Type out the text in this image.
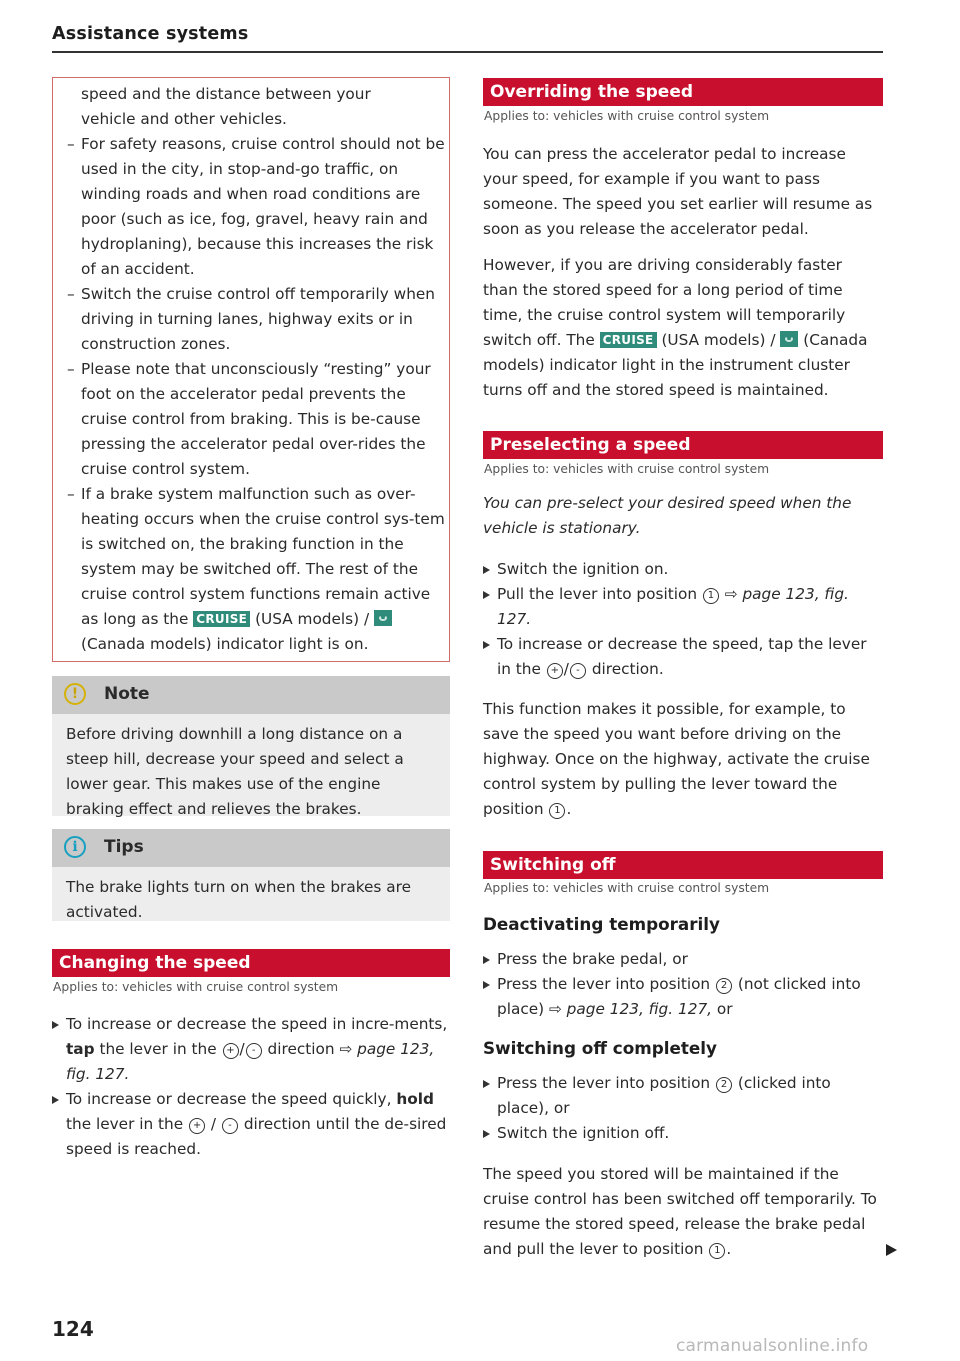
Assistance systems
speed and the distance between your
vehicle and other vehicles.
– For safety reasons, cruise control should not be used in the city, in stop-and-go traffic, on winding roads and when road conditions are poor (such as ice, fog, gravel, heavy rain and hydroplaning), because this increases the risk of an accident.
– Switch the cruise control off temporarily when driving in turning lanes, highway exits or in construction zones.
– Please note that unconsciously “resting” your foot on the accelerator pedal prevents the cruise control from braking. This is be-cause pressing the accelerator pedal over-rides the cruise control system.
– If a brake system malfunction such as over-heating occurs when the cruise control sys-tem is switched on, the braking function in the system may be switched off. The rest of the cruise control system functions remain active as long as the CRUISE (USA models) /  (Canada models) indicator light is on.
!	Note
Before driving downhill a long distance on a steep hill, decrease your speed and select a lower gear. This makes use of the engine braking effect and relieves the brakes.
i	Tips
The brake lights turn on when the brakes are activated.
Changing the speed
Applies to: vehicles with cruise control system
To increase or decrease the speed in incre-ments, tap the lever in the + / - direction ⇨ page 123, fig. 127.
To increase or decrease the speed quickly, hold the lever in the + / - direction until the de-sired speed is reached.
Overriding the speed
Applies to: vehicles with cruise control system
You can press the accelerator pedal to increase your speed, for example if you want to pass someone. The speed you set earlier will resume as soon as you release the accelerator pedal.
However, if you are driving considerably faster than the stored speed for a long period of time time, the cruise control system will temporarily switch off. The CRUISE (USA models) / (Canada models) indicator light in the instrument cluster turns off and the stored speed is maintained.
Preselecting a speed
Applies to: vehicles with cruise control system
You can pre-select your desired speed when the vehicle is stationary.
Switch the ignition on.
Pull the lever into position 1 ⇨ page 123, fig. 127.
To increase or decrease the speed, tap the lever in the + / - direction.
This function makes it possible, for example, to save the speed you want before driving on the highway. Once on the highway, activate the cruise control system by pulling the lever toward the position 1 .
Switching off
Applies to: vehicles with cruise control system
Deactivating temporarily
Press the brake pedal, or
Press the lever into position 2 (not clicked into place) ⇨ page 123, fig. 127, or
Switching off completely
Press the lever into position 2 (clicked into place), or
Switch the ignition off.
The speed you stored will be maintained if the cruise control has been switched off temporarily. To resume the stored speed, release the brake pedal and pull the lever to position 1 .
124
carmanualsonline.info
